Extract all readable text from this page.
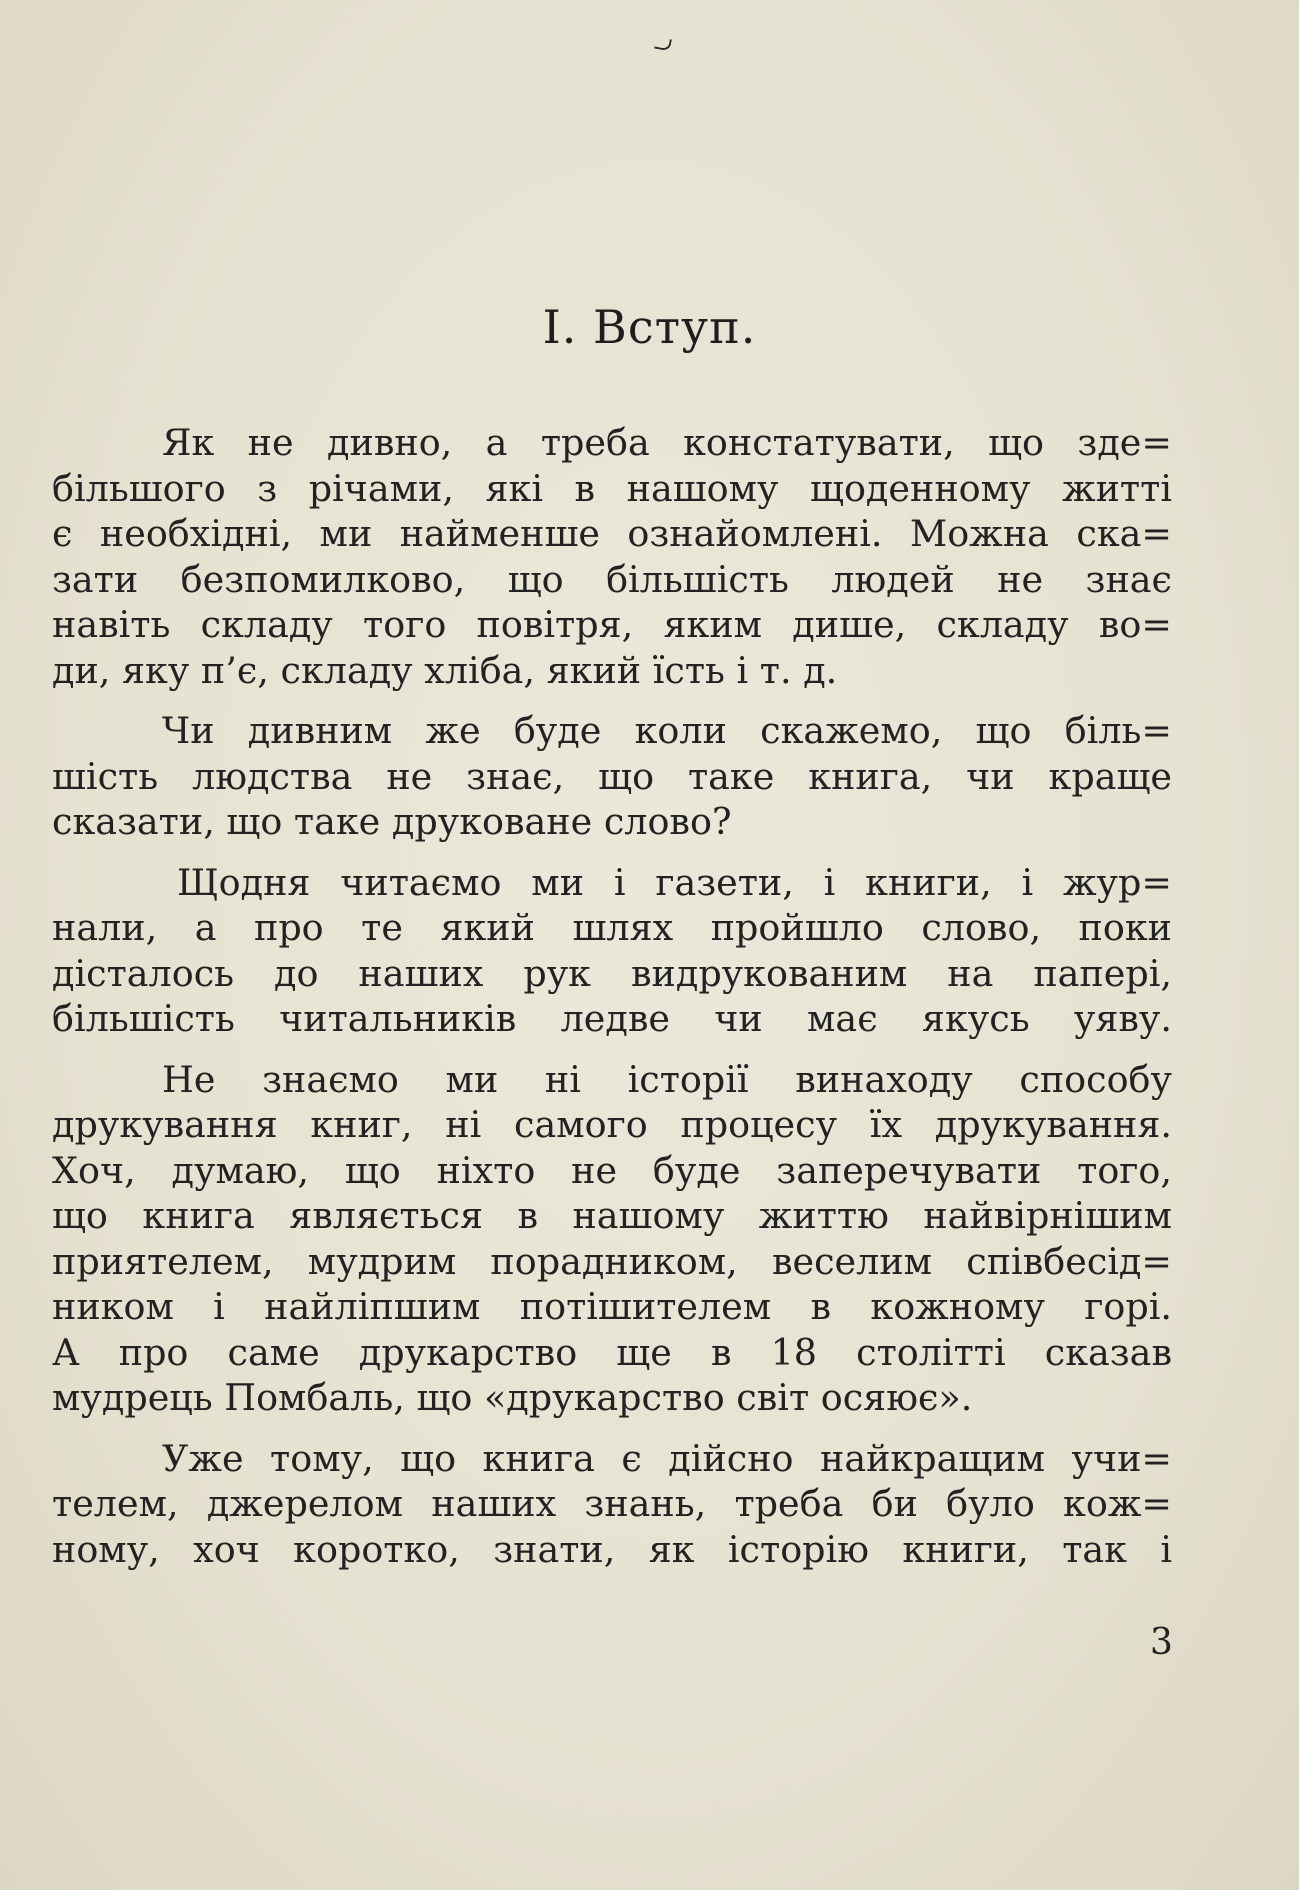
І. Вступ.
Як не дивно, а треба констатувати, що зде=
більшого з річами, які в нашому щоденному житті
є необхідні, ми найменше ознайомлені. Можна ска=
зати безпомилково, що більшість людей не знає
навіть складу того повітря, яким дише, складу во=
ди, яку п’є, складу хліба, який їсть і т. д.
Чи дивним же буде коли скажемо, що біль=
шість людства не знає, що таке книга, чи краще
сказати, що таке друковане слово?
Щодня читаємо ми і газети, і книги, і жур=
нали, а про те який шлях пройшло слово, поки
дісталось до наших рук видрукованим на папері,
більшість читальників ледве чи має якусь уяву.
Не знаємо ми ні історії винаходу способу
друкування книг, ні самого процесу їх друкування.
Хоч, думаю, що ніхто не буде заперечувати того,
що книга являється в нашому життю найвірнішим
приятелем, мудрим порадником, веселим співбесід=
ником і найліпшим потішителем в кожному горі.
А про саме друкарство ще в 18 столітті сказав
мудрець Помбаль, що «друкарство світ осяює».
Уже тому, що книга є дійсно найкращим учи=
телем, джерелом наших знань, треба би було кож=
ному, хоч коротко, знати, як історію книги, так і
3
